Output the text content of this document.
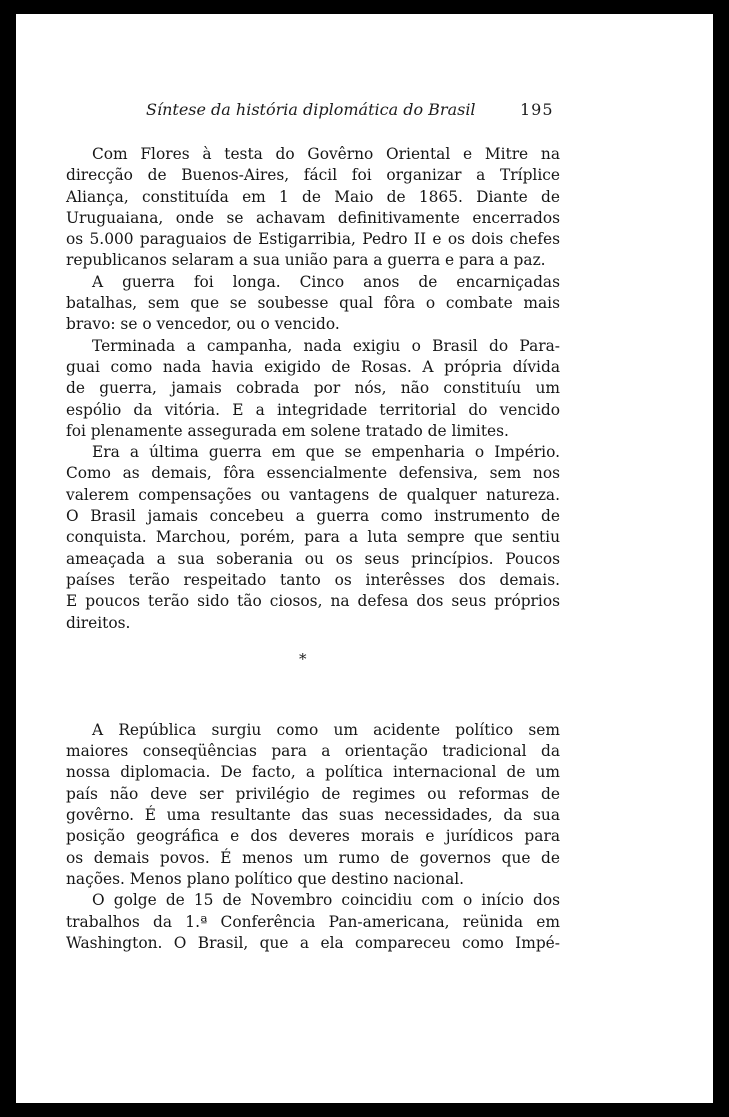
Síntese da história diplomática do Brasil	195
Com Flores à testa do Govêrno Oriental e Mitre na
direcção de Buenos-Aires, fácil foi organizar a Tríplice
Aliança, constituída em 1 de Maio de 1865. Diante de
Uruguaiana, onde se achavam definitivamente encerrados
os 5.000 paraguaios de Estigarribia, Pedro II e os dois chefes
republicanos selaram a sua união para a guerra e para a paz.
A guerra foi longa. Cinco anos de encarniçadas
batalhas, sem que se soubesse qual fôra o combate mais
bravo: se o vencedor, ou o vencido.
Terminada a campanha, nada exigiu o Brasil do Para-
guai como nada havia exigido de Rosas. A própria dívida
de guerra, jamais cobrada por nós, não constituíu um
espólio da vitória. E a integridade territorial do vencido
foi plenamente assegurada em solene tratado de limites.
Era a última guerra em que se empenharia o Império.
Como as demais, fôra essencialmente defensiva, sem nos
valerem compensações ou vantagens de qualquer natureza.
O Brasil jamais concebeu a guerra como instrumento de
conquista. Marchou, porém, para a luta sempre que sentiu
ameaçada a sua soberania ou os seus princípios. Poucos
países terão respeitado tanto os interêsses dos demais.
E poucos terão sido tão ciosos, na defesa dos seus próprios
direitos.
*
A República surgiu como um acidente político sem
maiores conseqüências para a orientação tradicional da
nossa diplomacia. De facto, a política internacional de um
país não deve ser privilégio de regimes ou reformas de
govêrno. É uma resultante das suas necessidades, da sua
posição geográfica e dos deveres morais e jurídicos para
os demais povos. É menos um rumo de governos que de
nações. Menos plano político que destino nacional.
O golge de 15 de Novembro coincidiu com o início dos
trabalhos da 1.ª Conferência Pan-americana, reünida em
Washington. O Brasil, que a ela compareceu como Impé-
